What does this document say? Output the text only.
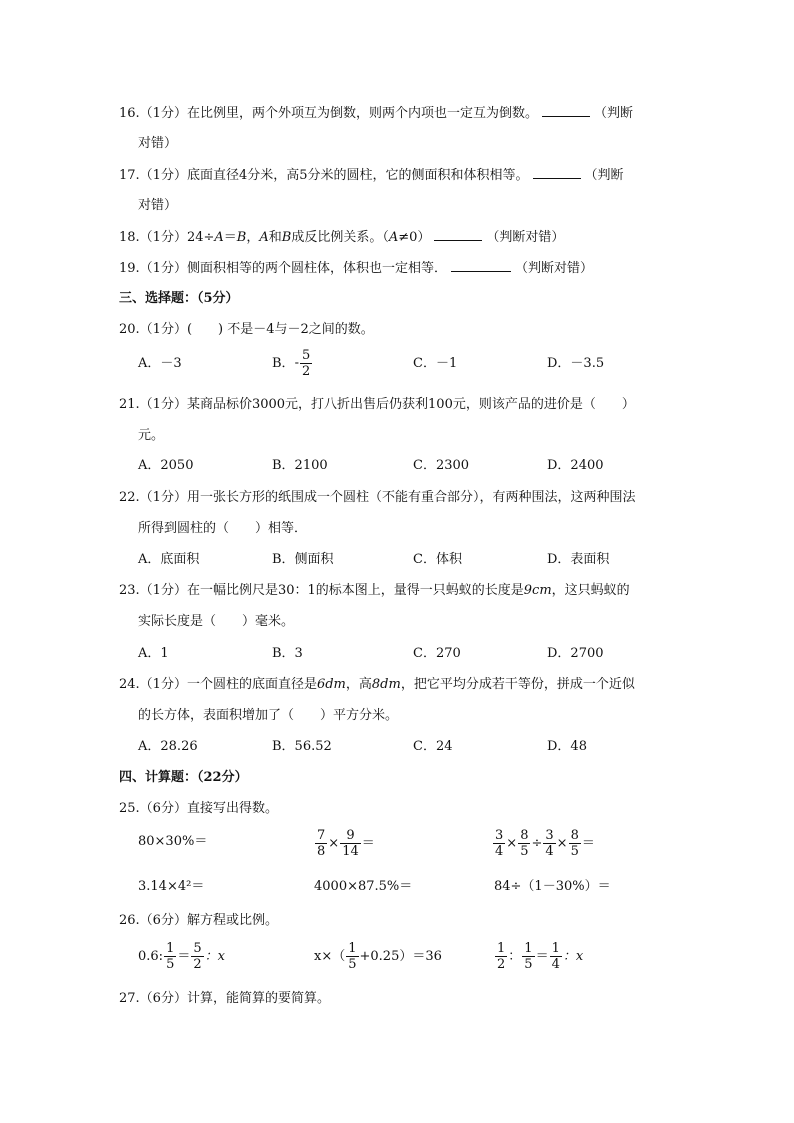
16.（1分）在比例里，两个外项互为倒数，则两个内项也一定互为倒数。	（判断
对错）
17.（1分）底面直径4分米，高5分米的圆柱，它的侧面积和体积相等。	（判断
对错）
18.（1分）24÷A＝B，A和B成反比例关系。（A≠0）	（判断对错）
19.（1分）侧面积相等的两个圆柱体，体积也一定相等．	（判断对错）
三、选择题：（5分）
20.（1分）(　　) 不是－4与－2之间的数。
A．－3	B．- $\frac{5}{2}$	C．－1	D．－3.5
21.（1分）某商品标价3000元，打八折出售后仍获利100元，则该产品的进价是（　　）
元。
A．2050	B．2100	C．2300	D．2400
22.（1分）用一张长方形的纸围成一个圆柱（不能有重合部分），有两种围法，这两种围法
所得到圆柱的（　　）相等．
A．底面积	B．侧面积	C．体积	D．表面积
23.（1分）在一幅比例尺是30：1的标本图上，量得一只蚂蚁的长度是9cm，这只蚂蚁的
实际长度是（　　）毫米。
A．1	B．3	C．270	D．2700
24.（1分）一个圆柱的底面直径是6dm，高8dm，把它平均分成若干等份，拼成一个近似
的长方体，表面积增加了（　　）平方分米。
A．28.26	B．56.52	C．24	D．48
四、计算题：（22分）
25.（6分）直接写出得数。
80×30%＝	$\frac{7}{8} \times \frac{9}{14}$ ＝	$\frac{3}{4} \times \frac{8}{5} \div \frac{3}{4} \times \frac{8}{5}$ ＝
3.14×4²＝	4000×87.5%＝	84÷（1－30%）＝
26.（6分）解方程或比例。
0.6: $\frac{1}{5} = \frac{5}{2}$ ：x	$x\times( \frac{1}{5} +0.25)=36$	$\frac{1}{2}$ ： $\frac{1}{5} = \frac{1}{4}$ ：x
27.（6分）计算，能简算的要简算。
